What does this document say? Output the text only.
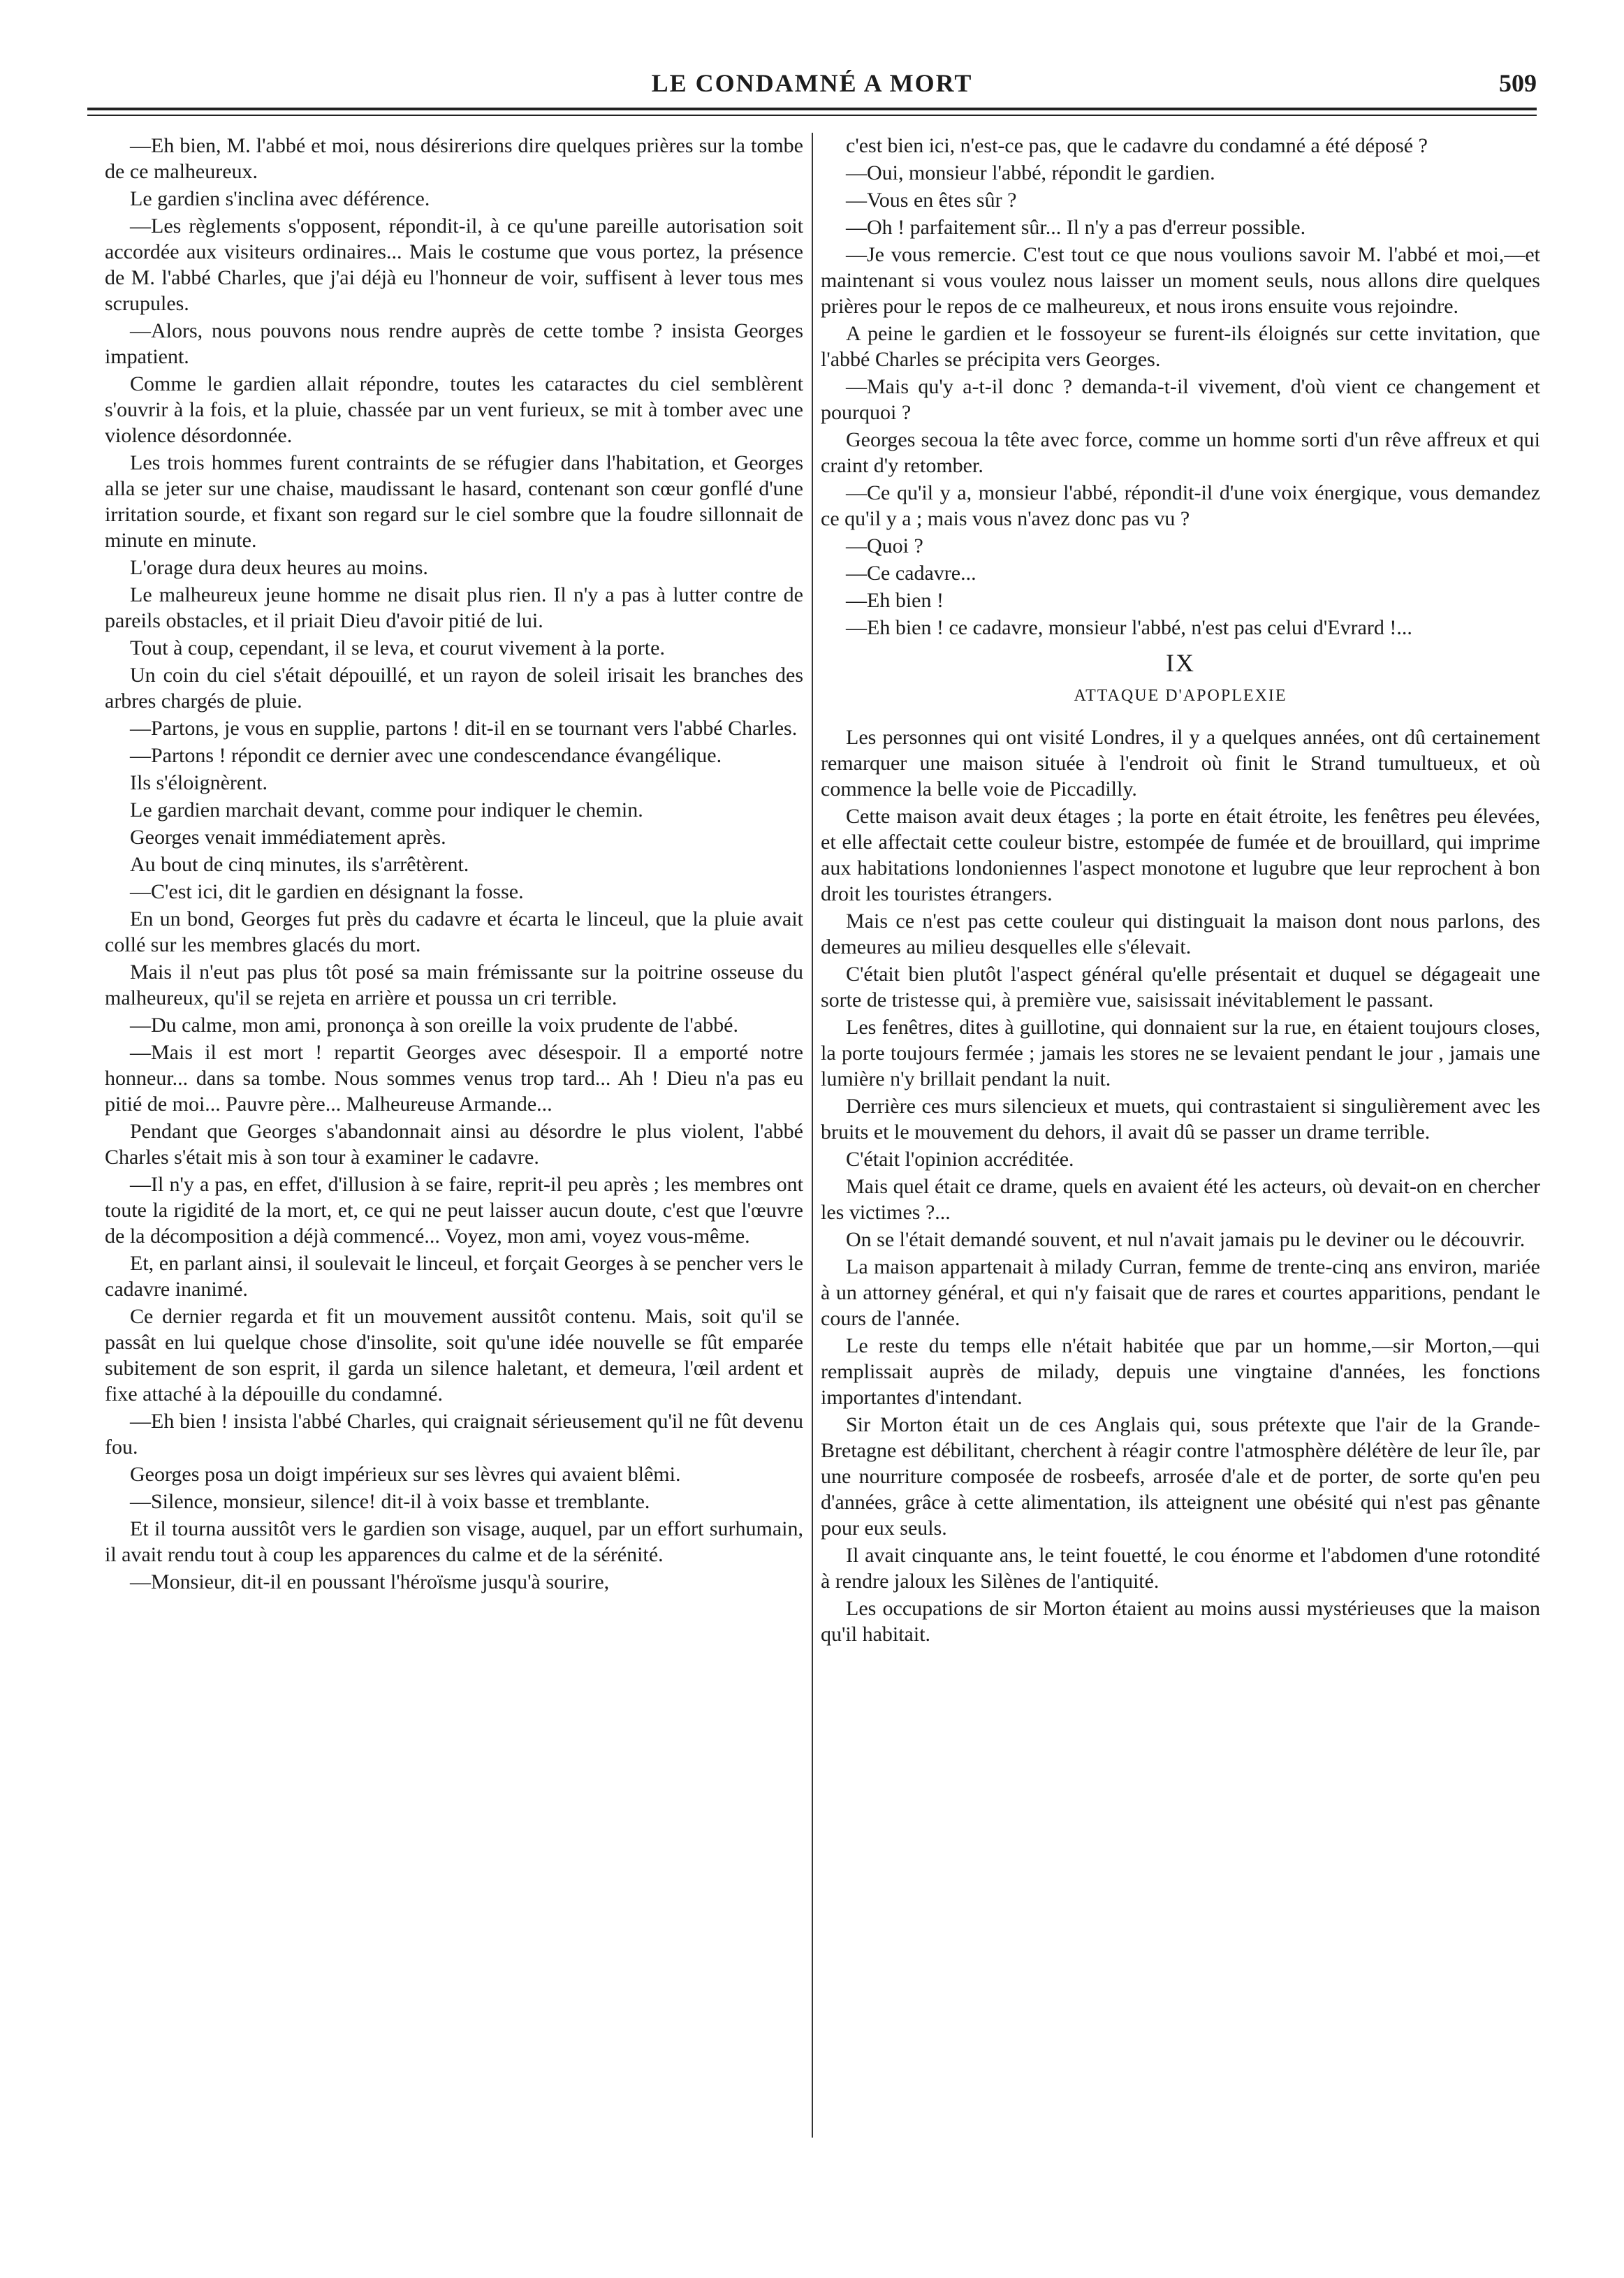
LE CONDAMNÉ A MORT	509

—Eh bien, M. l'abbé et moi, nous désirerions dire quelques prières sur la tombe de ce malheureux.

Le gardien s'inclina avec déférence.

—Les règlements s'opposent, répondit-il, à ce qu'une pareille autorisation soit accordée aux visiteurs ordinaires... Mais le costume que vous portez, la présence de M. l'abbé Charles, que j'ai déjà eu l'honneur de voir, suffisent à lever tous mes scrupules.

—Alors, nous pouvons nous rendre auprès de cette tombe ? insista Georges impatient.

Comme le gardien allait répondre, toutes les cataractes du ciel semblèrent s'ouvrir à la fois, et la pluie, chassée par un vent furieux, se mit à tomber avec une violence désordonnée.

Les trois hommes furent contraints de se réfugier dans l'habitation, et Georges alla se jeter sur une chaise, maudissant le hasard, contenant son cœur gonflé d'une irritation sourde, et fixant son regard sur le ciel sombre que la foudre sillonnait de minute en minute.

L'orage dura deux heures au moins.

Le malheureux jeune homme ne disait plus rien. Il n'y a pas à lutter contre de pareils obstacles, et il priait Dieu d'avoir pitié de lui.

Tout à coup, cependant, il se leva, et courut vivement à la porte.

Un coin du ciel s'était dépouillé, et un rayon de soleil irisait les branches des arbres chargés de pluie.

—Partons, je vous en supplie, partons ! dit-il en se tournant vers l'abbé Charles.

—Partons ! répondit ce dernier avec une condescendance évangélique.

Ils s'éloignèrent.

Le gardien marchait devant, comme pour indiquer le chemin.

Georges venait immédiatement après.

Au bout de cinq minutes, ils s'arrêtèrent.

—C'est ici, dit le gardien en désignant la fosse.

En un bond, Georges fut près du cadavre et écarta le linceul, que la pluie avait collé sur les membres glacés du mort.

Mais il n'eut pas plus tôt posé sa main frémissante sur la poitrine osseuse du malheureux, qu'il se rejeta en arrière et poussa un cri terrible.

—Du calme, mon ami, prononça à son oreille la voix prudente de l'abbé.

—Mais il est mort ! repartit Georges avec désespoir. Il a emporté notre honneur... dans sa tombe. Nous sommes venus trop tard... Ah ! Dieu n'a pas eu pitié de moi... Pauvre père... Malheureuse Armande...

Pendant que Georges s'abandonnait ainsi au désordre le plus violent, l'abbé Charles s'était mis à son tour à examiner le cadavre.

—Il n'y a pas, en effet, d'illusion à se faire, reprit-il peu après ; les membres ont toute la rigidité de la mort, et, ce qui ne peut laisser aucun doute, c'est que l'œuvre de la décomposition a déjà commencé... Voyez, mon ami, voyez vous-même.

Et, en parlant ainsi, il soulevait le linceul, et forçait Georges à se pencher vers le cadavre inanimé.

Ce dernier regarda et fit un mouvement aussitôt contenu. Mais, soit qu'il se passât en lui quelque chose d'insolite, soit qu'une idée nouvelle se fût emparée subitement de son esprit, il garda un silence haletant, et demeura, l'œil ardent et fixe attaché à la dépouille du condamné.

—Eh bien ! insista l'abbé Charles, qui craignait sérieusement qu'il ne fût devenu fou.

Georges posa un doigt impérieux sur ses lèvres qui avaient blêmi.

—Silence, monsieur, silence! dit-il à voix basse et tremblante.

Et il tourna aussitôt vers le gardien son visage, auquel, par un effort surhumain, il avait rendu tout à coup les apparences du calme et de la sérénité.

—Monsieur, dit-il en poussant l'héroïsme jusqu'à sourire,

c'est bien ici, n'est-ce pas, que le cadavre du condamné a été déposé ?

—Oui, monsieur l'abbé, répondit le gardien.

—Vous en êtes sûr ?

—Oh ! parfaitement sûr... Il n'y a pas d'erreur possible.

—Je vous remercie. C'est tout ce que nous voulions savoir M. l'abbé et moi,—et maintenant si vous voulez nous laisser un moment seuls, nous allons dire quelques prières pour le repos de ce malheureux, et nous irons ensuite vous rejoindre.

A peine le gardien et le fossoyeur se furent-ils éloignés sur cette invitation, que l'abbé Charles se précipita vers Georges.

—Mais qu'y a-t-il donc ? demanda-t-il vivement, d'où vient ce changement et pourquoi ?

Georges secoua la tête avec force, comme un homme sorti d'un rêve affreux et qui craint d'y retomber.

—Ce qu'il y a, monsieur l'abbé, répondit-il d'une voix énergique, vous demandez ce qu'il y a ; mais vous n'avez donc pas vu ?

—Quoi ?

—Ce cadavre...

—Eh bien !

—Eh bien ! ce cadavre, monsieur l'abbé, n'est pas celui d'Evrard !...

IX
ATTAQUE D'APOPLEXIE

Les personnes qui ont visité Londres, il y a quelques années, ont dû certainement remarquer une maison située à l'endroit où finit le Strand tumultueux, et où commence la belle voie de Piccadilly.

Cette maison avait deux étages ; la porte en était étroite, les fenêtres peu élevées, et elle affectait cette couleur bistre, estompée de fumée et de brouillard, qui imprime aux habitations londoniennes l'aspect monotone et lugubre que leur reprochent à bon droit les touristes étrangers.

Mais ce n'est pas cette couleur qui distinguait la maison dont nous parlons, des demeures au milieu desquelles elle s'élevait.

C'était bien plutôt l'aspect général qu'elle présentait et duquel se dégageait une sorte de tristesse qui, à première vue, saisissait inévitablement le passant.

Les fenêtres, dites à guillotine, qui donnaient sur la rue, en étaient toujours closes, la porte toujours fermée ; jamais les stores ne se levaient pendant le jour , jamais une lumière n'y brillait pendant la nuit.

Derrière ces murs silencieux et muets, qui contrastaient si singulièrement avec les bruits et le mouvement du dehors, il avait dû se passer un drame terrible.

C'était l'opinion accréditée.

Mais quel était ce drame, quels en avaient été les acteurs, où devait-on en chercher les victimes ?...

On se l'était demandé souvent, et nul n'avait jamais pu le deviner ou le découvrir.

La maison appartenait à milady Curran, femme de trente-cinq ans environ, mariée à un attorney général, et qui n'y faisait que de rares et courtes apparitions, pendant le cours de l'année.

Le reste du temps elle n'était habitée que par un homme,—sir Morton,—qui remplissait auprès de milady, depuis une vingtaine d'années, les fonctions importantes d'intendant.

Sir Morton était un de ces Anglais qui, sous prétexte que l'air de la Grande-Bretagne est débilitant, cherchent à réagir contre l'atmosphère délétère de leur île, par une nourriture composée de rosbeefs, arrosée d'ale et de porter, de sorte qu'en peu d'années, grâce à cette alimentation, ils atteignent une obésité qui n'est pas gênante pour eux seuls.

Il avait cinquante ans, le teint fouetté, le cou énorme et l'abdomen d'une rotondité à rendre jaloux les Silènes de l'antiquité.

Les occupations de sir Morton étaient au moins aussi mystérieuses que la maison qu'il habitait.
